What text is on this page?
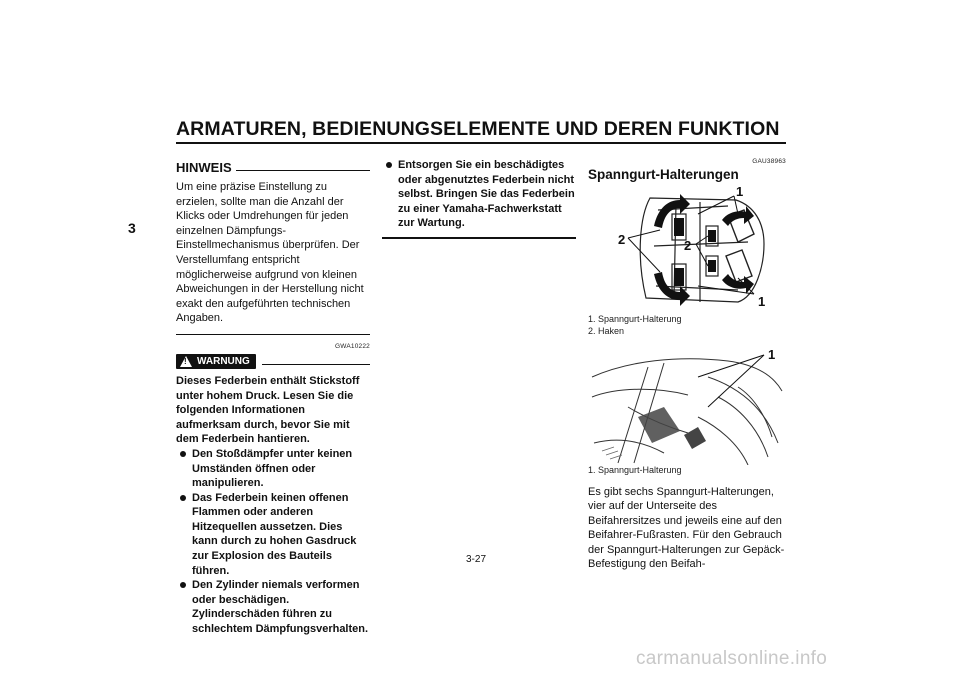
ARMATUREN, BEDIENUNGSELEMENTE UND DEREN FUNKTION
3
HINWEIS

Um eine präzise Einstellung zu erzielen, sollte man die Anzahl der Klicks oder Umdrehungen für jeden einzelnen Dämpfungs-Einstellmechanismus überprüfen. Der Verstellumfang entspricht möglicherweise aufgrund von kleinen Abweichungen in der Herstellung nicht exakt den aufgeführten technischen Angaben.

GWA10222
! WARNUNG

Dieses Federbein enthält Stickstoff unter hohem Druck. Lesen Sie die folgenden Informationen aufmerksam durch, bevor Sie mit dem Federbein hantieren.

Den Stoßdämpfer unter keinen Umständen öffnen oder manipulieren.
Das Federbein keinen offenen Flammen oder anderen Hitzequellen aussetzen. Dies kann durch zu hohen Gasdruck zur Explosion des Bauteils führen.
Den Zylinder niemals verformen oder beschädigen. Zylinderschäden führen zu schlechtem Dämpfungsverhalten.
Entsorgen Sie ein beschädigtes oder abgenutztes Federbein nicht selbst. Bringen Sie das Federbein zu einer Yamaha-Fachwerkstatt zur Wartung.
GAU38963
Spanngurt-Halterungen
1
2	2
1
1. Spanngurt-Halterung
2. Haken
1
1. Spanngurt-Halterung

Es gibt sechs Spanngurt-Halterungen, vier auf der Unterseite des Beifahrersitzes und jeweils eine auf den Beifahrer-Fußrasten. Für den Gebrauch der Spanngurt-Halterungen zur Gepäck-Befestigung den Beifah-

3-27
carmanualsonline.info
